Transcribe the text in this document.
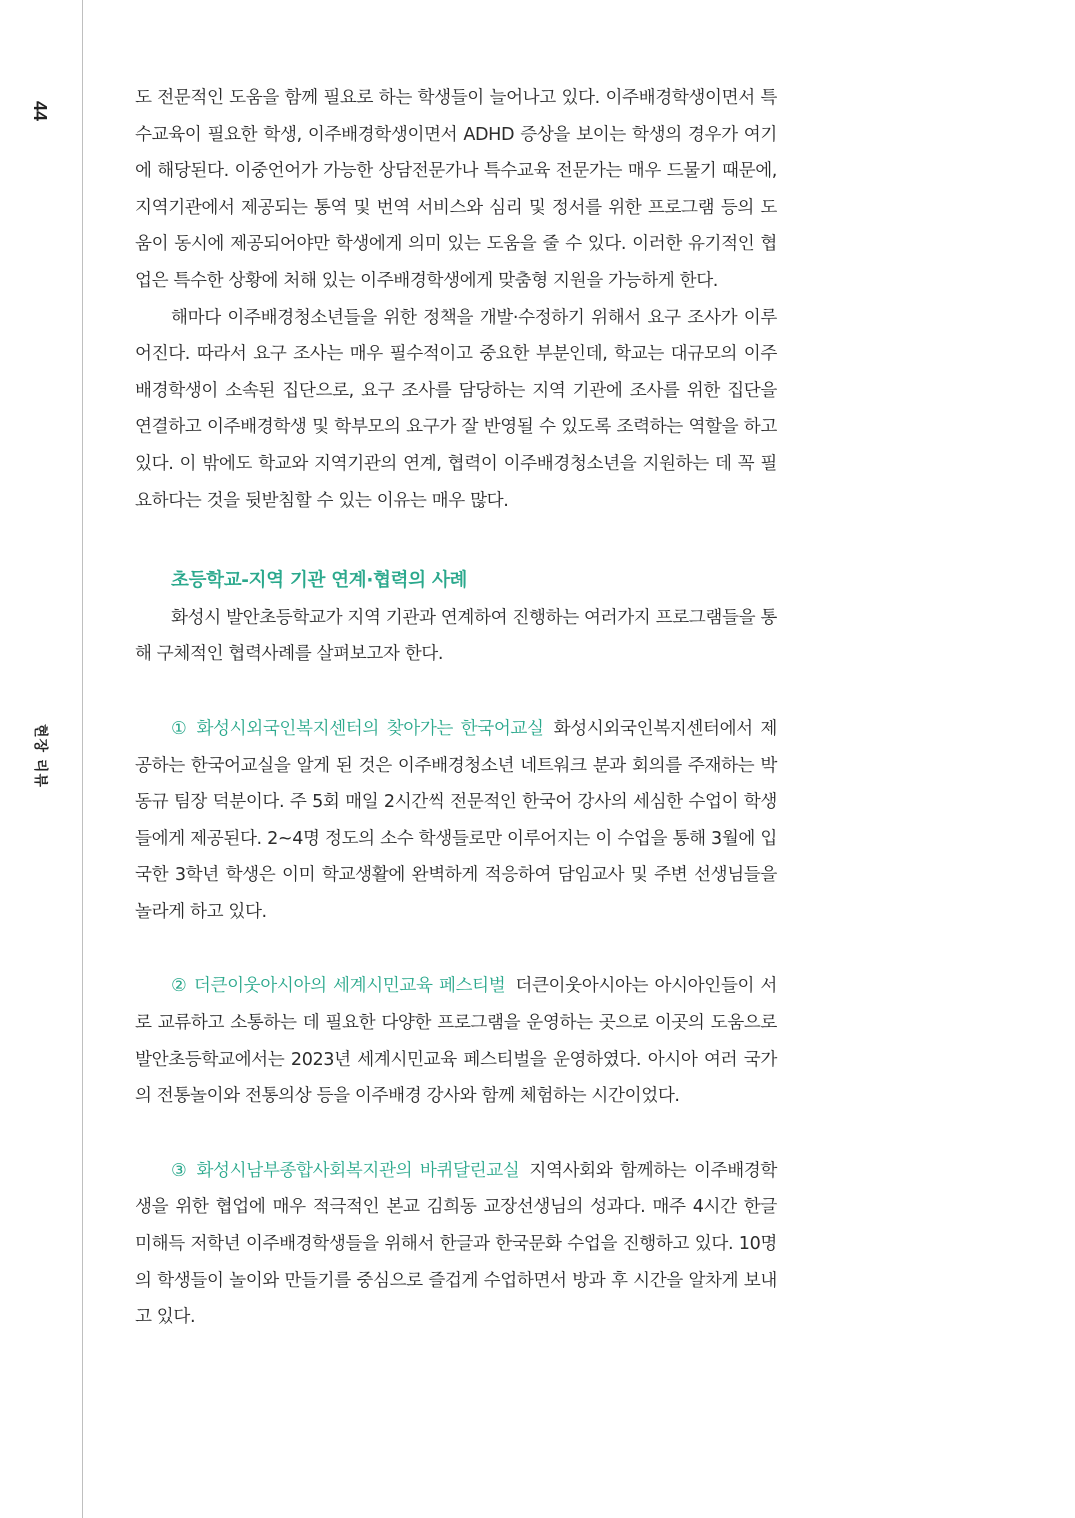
44
현장 리뷰

도 전문적인 도움을 함께 필요로 하는 학생들이 늘어나고 있다. 이주배경학생이면서 특수교육이 필요한 학생, 이주배경학생이면서 ADHD 증상을 보이는 학생의 경우가 여기에 해당된다. 이중언어가 가능한 상담전문가나 특수교육 전문가는 매우 드물기 때문에, 지역기관에서 제공되는 통역 및 번역 서비스와 심리 및 정서를 위한 프로그램 등의 도움이 동시에 제공되어야만 학생에게 의미 있는 도움을 줄 수 있다. 이러한 유기적인 협업은 특수한 상황에 처해 있는 이주배경학생에게 맞춤형 지원을 가능하게 한다.

해마다 이주배경청소년들을 위한 정책을 개발·수정하기 위해서 요구 조사가 이루어진다. 따라서 요구 조사는 매우 필수적이고 중요한 부분인데, 학교는 대규모의 이주배경학생이 소속된 집단으로, 요구 조사를 담당하는 지역 기관에 조사를 위한 집단을 연결하고 이주배경학생 및 학부모의 요구가 잘 반영될 수 있도록 조력하는 역할을 하고 있다. 이 밖에도 학교와 지역기관의 연계, 협력이 이주배경청소년을 지원하는 데 꼭 필요하다는 것을 뒷받침할 수 있는 이유는 매우 많다.

초등학교-지역 기관 연계·협력의 사례

화성시 발안초등학교가 지역 기관과 연계하여 진행하는 여러가지 프로그램들을 통해 구체적인 협력사례를 살펴보고자 한다.

① 화성시외국인복지센터의 찾아가는 한국어교실 화성시외국인복지센터에서 제공하는 한국어교실을 알게 된 것은 이주배경청소년 네트워크 분과 회의를 주재하는 박동규 팀장 덕분이다. 주 5회 매일 2시간씩 전문적인 한국어 강사의 세심한 수업이 학생들에게 제공된다. 2~4명 정도의 소수 학생들로만 이루어지는 이 수업을 통해 3월에 입국한 3학년 학생은 이미 학교생활에 완벽하게 적응하여 담임교사 및 주변 선생님들을 놀라게 하고 있다.

② 더큰이웃아시아의 세계시민교육 페스티벌 더큰이웃아시아는 아시아인들이 서로 교류하고 소통하는 데 필요한 다양한 프로그램을 운영하는 곳으로 이곳의 도움으로 발안초등학교에서는 2023년 세계시민교육 페스티벌을 운영하였다. 아시아 여러 국가의 전통놀이와 전통의상 등을 이주배경 강사와 함께 체험하는 시간이었다.

③ 화성시남부종합사회복지관의 바퀴달린교실 지역사회와 함께하는 이주배경학생을 위한 협업에 매우 적극적인 본교 김희동 교장선생님의 성과다. 매주 4시간 한글 미해득 저학년 이주배경학생들을 위해서 한글과 한국문화 수업을 진행하고 있다. 10명의 학생들이 놀이와 만들기를 중심으로 즐겁게 수업하면서 방과 후 시간을 알차게 보내고 있다.
